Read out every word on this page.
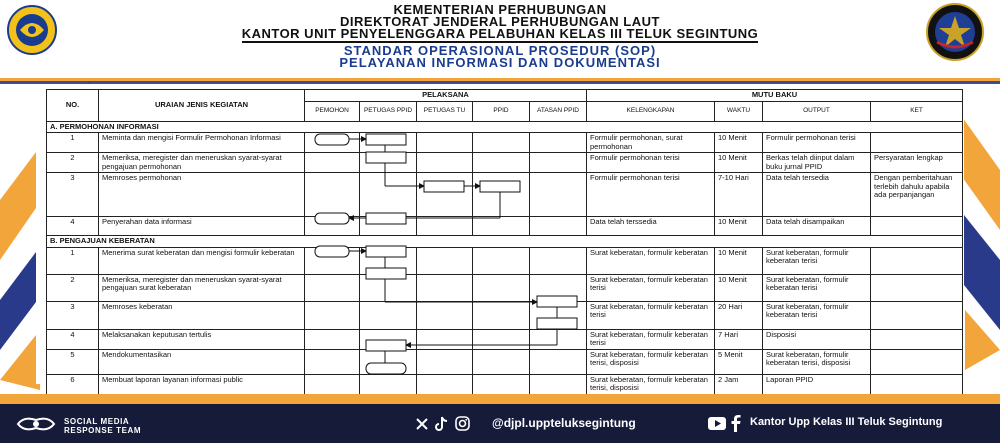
KEMENTERIAN PERHUBUNGAN
DIREKTORAT JENDERAL PERHUBUNGAN LAUT
KANTOR UNIT PENYELENGGARA PELABUHAN KELAS III TELUK SEGINTUNG
STANDAR OPERASIONAL PROSEDUR (SOP)
PELAYANAN INFORMASI DAN DOKUMENTASI
NO.	URAIAN JENIS KEGIATAN	PELAKSANA					MUTU BAKU			
		PEMOHON	PETUGAS PPID	PETUGAS TU	PPID	ATASAN PPID	KELENGKAPAN	WAKTU	OUTPUT	KET
A. PERMOHONAN INFORMASI										
1	Meminta dan mengisi Formulir Permohonan Informasi						Formulir permohonan, surat permohonan	10 Menit	Formulir permohonan terisi	
2	Memeriksa, meregister dan meneruskan syarat-syarat pengajuan permohonan						Formulir permohonan terisi	10 Menit	Berkas telah diinput dalam buku jurnal PPID	Persyaratan lengkap
3	Memroses permohonan						Formulir permohonan terisi	7-10 Hari	Data telah tersedia	Dengan pemberitahuan terlebih dahulu apabila ada perpanjangan
4	Penyerahan data informasi						Data telah terssedia	10 Menit	Data telah disampaikan	
B. PENGAJUAN KEBERATAN										
1	Menerima surat keberatan dan mengisi formulir keberatan						Surat keberatan, formulir keberatan	10 Menit	Surat keberatan, formulir keberatan terisi	
2	Memeriksa, meregister dan meneruskan syarat-syarat pengajuan surat keberatan						Surat keberatan, formulir keberatan terisi	10 Menit	Surat keberatan, formulir keberatan terisi	
3	Memroses keberatan						Surat keberatan, formulir keberatan terisi	20 Hari	Surat keberatan, formulir keberatan terisi	
4	Melaksanakan keputusan tertulis						Surat keberatan, formulir keberatan terisi	7 Hari	Disposisi	
5	Mendokumentasikan						Surat keberatan, formulir keberatan terisi, disposisi	5 Menit	Surat keberatan, formulir keberatan terisi, disposisi	
6	Membuat laporan layanan informasi public						Surat keberatan, formulir keberatan terisi, disposisi	2 Jam	Laporan PPID	
SOCIAL MEDIA
RESPONSE TEAM
@djpl.uppteluksegintung	Kantor Upp Kelas III Teluk Segintung
